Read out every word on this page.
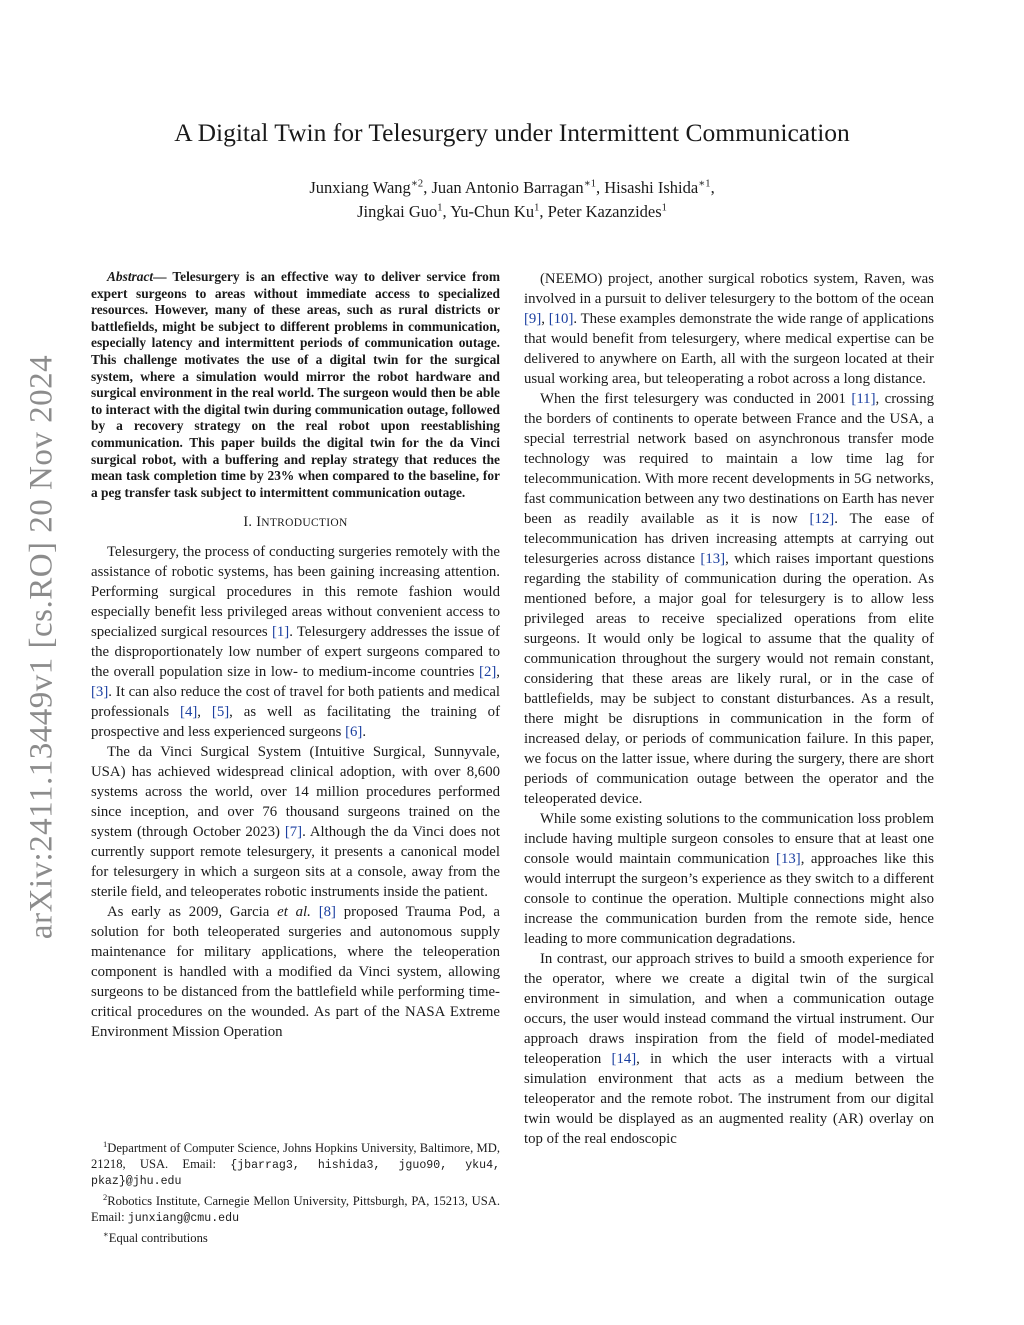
arXiv:2411.13449v1 [cs.RO] 20 Nov 2024
A Digital Twin for Telesurgery under Intermittent Communication
Junxiang Wang$^{∗2}$, Juan Antonio Barragan$^{∗1}$, Hisashi Ishida$^{∗1}$,
Jingkai Guo$^1$, Yu-Chun Ku$^1$, Peter Kazanzides$^1$
Abstract— Telesurgery is an effective way to deliver service from expert surgeons to areas without immediate access to specialized resources. However, many of these areas, such as rural districts or battlefields, might be subject to different problems in communication, especially latency and intermittent periods of communication outage. This challenge motivates the use of a digital twin for the surgical system, where a simulation would mirror the robot hardware and surgical environment in the real world. The surgeon would then be able to interact with the digital twin during communication outage, followed by a recovery strategy on the real robot upon reestablishing communication. This paper builds the digital twin for the da Vinci surgical robot, with a buffering and replay strategy that reduces the mean task completion time by 23% when compared to the baseline, for a peg transfer task subject to intermittent communication outage.
I. INTRODUCTION

Telesurgery, the process of conducting surgeries remotely with the assistance of robotic systems, has been gaining increasing attention. Performing surgical procedures in this remote fashion would especially benefit less privileged areas without convenient access to specialized surgical resources [1]. Telesurgery addresses the issue of the disproportionately low number of expert surgeons compared to the overall population size in low- to medium-income countries [2], [3]. It can also reduce the cost of travel for both patients and medical professionals [4], [5], as well as facilitating the training of prospective and less experienced surgeons [6].

The da Vinci Surgical System (Intuitive Surgical, Sunnyvale, USA) has achieved widespread clinical adoption, with over 8,600 systems across the world, over 14 million procedures performed since inception, and over 76 thousand surgeons trained on the system (through October 2023) [7]. Although the da Vinci does not currently support remote telesurgery, it presents a canonical model for telesurgery in which a surgeon sits at a console, away from the sterile field, and teleoperates robotic instruments inside the patient.

As early as 2009, Garcia et al. [8] proposed Trauma Pod, a solution for both teleoperated surgeries and autonomous supply maintenance for military applications, where the teleoperation component is handled with a modified da Vinci system, allowing surgeons to be distanced from the battlefield while performing time-critical procedures on the wounded. As part of the NASA Extreme Environment Mission Operation

(NEEMO) project, another surgical robotics system, Raven, was involved in a pursuit to deliver telesurgery to the bottom of the ocean [9], [10]. These examples demonstrate the wide range of applications that would benefit from telesurgery, where medical expertise can be delivered to anywhere on Earth, all with the surgeon located at their usual working area, but teleoperating a robot across a long distance.

When the first telesurgery was conducted in 2001 [11], crossing the borders of continents to operate between France and the USA, a special terrestrial network based on asynchronous transfer mode technology was required to maintain a low time lag for telecommunication. With more recent developments in 5G networks, fast communication between any two destinations on Earth has never been as readily available as it is now [12]. The ease of telecommunication has driven increasing attempts at carrying out telesurgeries across distance [13], which raises important questions regarding the stability of communication during the operation. As mentioned before, a major goal for telesurgery is to allow less privileged areas to receive specialized operations from elite surgeons. It would only be logical to assume that the quality of communication throughout the surgery would not remain constant, considering that these areas are likely rural, or in the case of battlefields, may be subject to constant disturbances. As a result, there might be disruptions in communication in the form of increased delay, or periods of communication failure. In this paper, we focus on the latter issue, where during the surgery, there are short periods of communication outage between the operator and the teleoperated device.

While some existing solutions to the communication loss problem include having multiple surgeon consoles to ensure that at least one console would maintain communication [13], approaches like this would interrupt the surgeon’s experience as they switch to a different console to continue the operation. Multiple connections might also increase the communication burden from the remote side, hence leading to more communication degradations.

In contrast, our approach strives to build a smooth experience for the operator, where we create a digital twin of the surgical environment in simulation, and when a communication outage occurs, the user would instead command the virtual instrument. Our approach draws inspiration from the field of model-mediated teleoperation [14], in which the user interacts with a virtual simulation environment that acts as a medium between the teleoperator and the remote robot. The instrument from our digital twin would be displayed as an augmented reality (AR) overlay on top of the real endoscopic

$^1$Department of Computer Science, Johns Hopkins University, Baltimore, MD, 21218, USA. Email: {jbarrag3, hishida3, jguo90, yku4, pkaz}@jhu.edu

$^2$Robotics Institute, Carnegie Mellon University, Pittsburgh, PA, 15213, USA. Email: junxiang@cmu.edu

∗Equal contributions
